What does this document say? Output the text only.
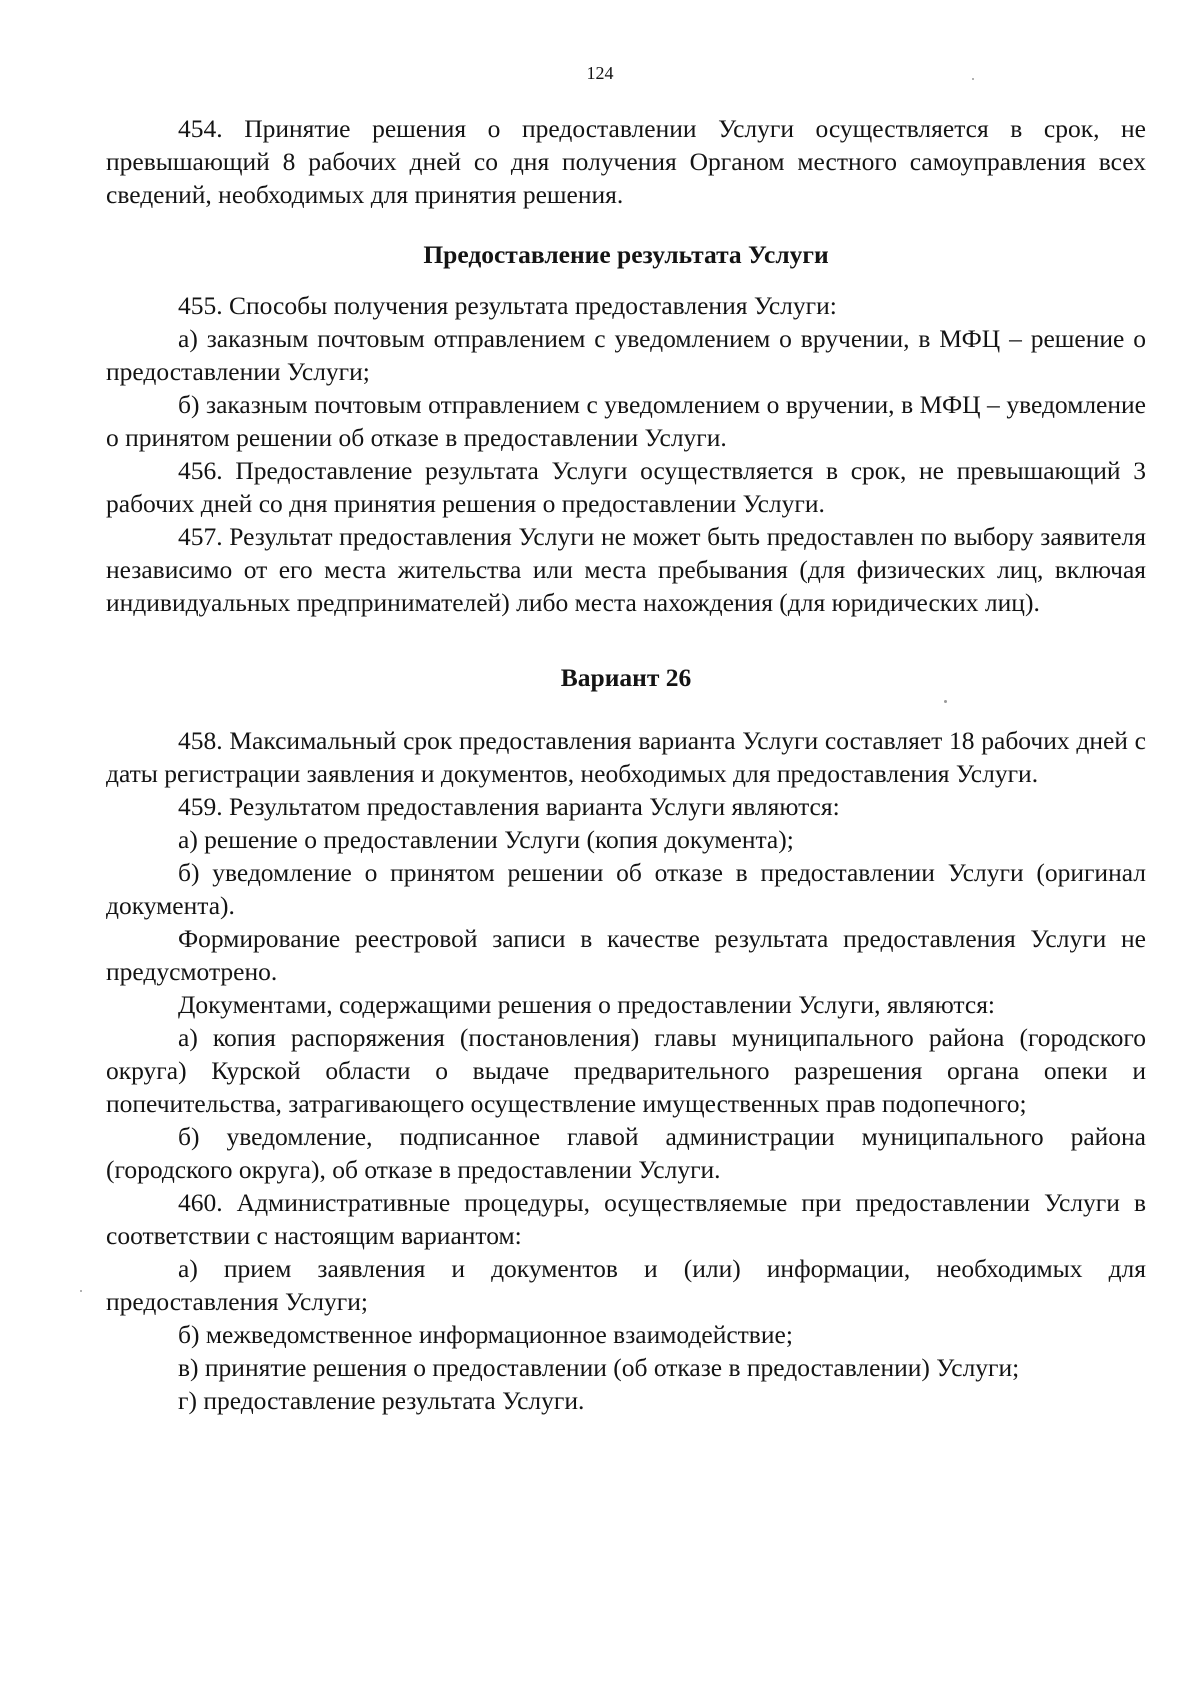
124

454. Принятие решения о предоставлении Услуги осуществляется в срок, не превышающий 8 рабочих дней со дня получения Органом местного самоуправления всех сведений, необходимых для принятия решения.

Предоставление результата Услуги

455. Способы получения результата предоставления Услуги:

а) заказным почтовым отправлением с уведомлением о вручении, в МФЦ – решение о предоставлении Услуги;

б) заказным почтовым отправлением с уведомлением о вручении, в МФЦ – уведомление о принятом решении об отказе в предоставлении Услуги.

456. Предоставление результата Услуги осуществляется в срок, не превышающий 3 рабочих дней со дня принятия решения о предоставлении Услуги.

457. Результат предоставления Услуги не может быть предоставлен по выбору заявителя независимо от его места жительства или места пребывания (для физических лиц, включая индивидуальных предпринимателей) либо места нахождения (для юридических лиц).

Вариант 26

458. Максимальный срок предоставления варианта Услуги составляет 18 рабочих дней с даты регистрации заявления и документов, необходимых для предоставления Услуги.

459. Результатом предоставления варианта Услуги являются:

а) решение о предоставлении Услуги (копия документа);

б) уведомление о принятом решении об отказе в предоставлении Услуги (оригинал документа).

Формирование реестровой записи в качестве результата предоставления Услуги не предусмотрено.

Документами, содержащими решения о предоставлении Услуги, являются:

а) копия распоряжения (постановления) главы муниципального района (городского округа) Курской области о выдаче предварительного разрешения органа опеки и попечительства, затрагивающего осуществление имущественных прав подопечного;

б) уведомление, подписанное главой администрации муниципального района (городского округа), об отказе в предоставлении Услуги.

460. Административные процедуры, осуществляемые при предоставлении Услуги в соответствии с настоящим вариантом:

а) прием заявления и документов и (или) информации, необходимых для предоставления Услуги;

б) межведомственное информационное взаимодействие;

в) принятие решения о предоставлении (об отказе в предоставлении) Услуги;

г) предоставление результата Услуги.
